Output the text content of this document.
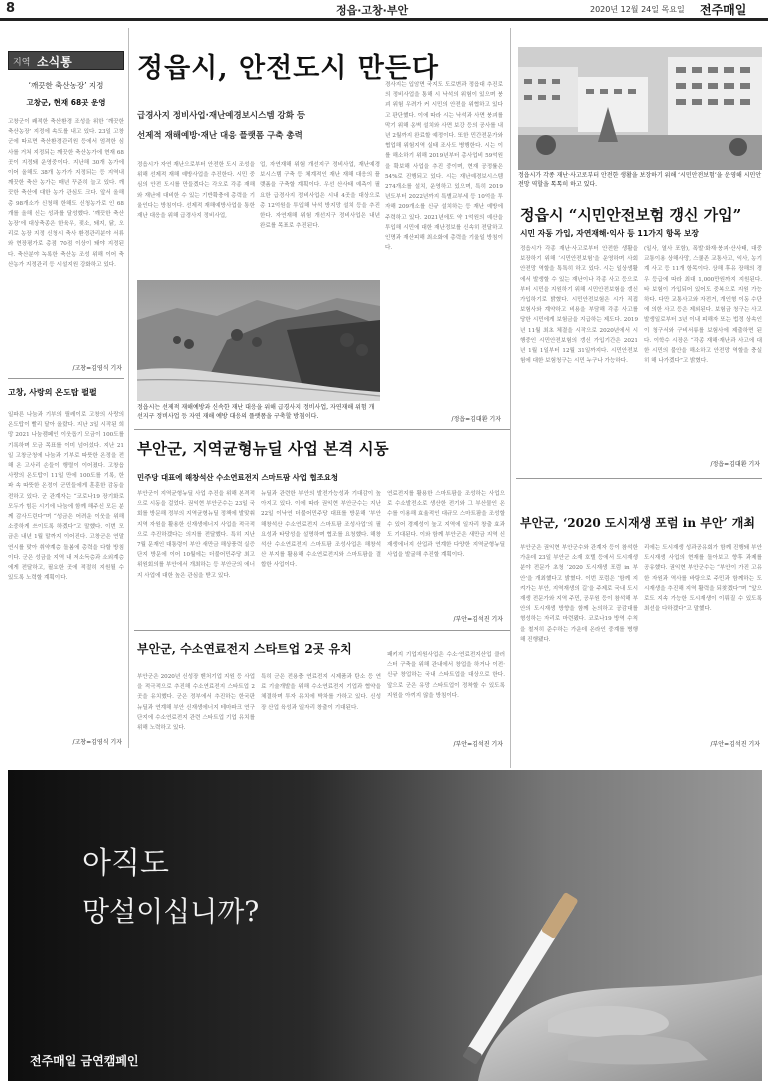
8	정읍·고창·부안	2020년 12월 24일 목요일 전주매일
지역 소식통
‘깨끗한 축산농장’ 지정
고창군, 현재 68곳 운영
고창군이 쾌적한 축산환경 조성을 위한 ‘깨끗한 축산농장’ 지정에 속도를 내고 있다. 23일 고창군에 따르면 축산환경관리원 등에서 엄격한 심사를 거쳐 지정되는 깨끗한 축산농가에 현재 68곳이 지정돼 운영중이다. 지난해 30개 농가에 이어 올해도 38개 농가가 지정되는 등 지역내 깨끗한 축산 농가는 매년 꾸준히 늘고 있다. 깨끗한 축산에 대한 농가 관심도 크다. 앞서 올해 총 98개소가 신청해 한해도 신청농가로 인 68개를 올해 신는 성과를 달성했다. ‘깨끗한 축산농장’에 대상축종은 한육우, 젖소, 돼지, 닭, 오리로 농장 지정 신청시 축사 환경관리분야 서류와 현장평가로 총점 70점 이상이 돼야 지정된다. 축산분야 녹록한 축산농 조성 위해 이어 축산농가 지정관리 등 시설지원 강화하고 있다.
/고창=김영식 기자
고창, 사랑의 온도탑 펄펄
일파른 나눔과 기부의 릴레이로 고창의 사랑의 온도탑이 빨리 달아 올랐다. 지난 3일 시작된 희망 2021 나눔캠페인 이웃돕기 모금이 100도를 기록하며 모금 목표를 이미 넘어섰다. 지난 21일 고창군청에 나눔과 기부로 따뜻한 온정을 전해 온 고사리 손들이 행렬이 이어졌다. 고창읍 사랑의 온도탑이 11일 만에 100도를 기록, 한파 속 따뜻한 온정이 군민들에게 훈훈한 감동을 전하고 있다. 군 관계자는 “코로나19 장기화로 모두가 힘든 시기에 나눔에 함께 해주신 모든 분께 감사드린다”며 “성금은 어려운 이웃을 위해 소중하게 쓰이도록 하겠다”고 말했다. 이번 모금은 내년 1월 말까지 이어진다. 고창군은 연말연시를 맞아 취약계층 돌봄에 총력을 다할 방침이다. 군은 성금을 지역 내 저소득층과 소외계층에게 전달하고, 필요한 곳에 적절히 지원될 수 있도록 노력할 계획이다.
/고창=김영식 기자
정읍시, 안전도시 만든다
급경사지 정비사업·재난예경보시스템 강화 등
선제적 재해예방·재난 대응 플랫폼 구축 총력
정읍시가 자연 재난으로부터 안전한 도시 조성을 위해 선제적 재해 예방사업을 추진한다. 시민 중심의 안전 도시를 만들겠다는 각오로 각종 재해와 재난에 대비한 수 있는 기반확충에 총력을 기울인다는 방침이다. 선제적 재해예방사업을 통한 재난 대응을 위해 급경사지 정비사업,
업, 자연재해 위험 개선지구 정비사업, 재난예경보시스템 구축 등 체계적인 재난 재해 대응의 플랫폼을 구축할 계획이다. 우선 산사태 예측이 필요한 급경사지 정비사업은 시내 4곳을 대상으로 총 12억원을 투입해 낙석 방지망 설치 등을 추진한다. 자연재해 위험 개선지구 정비사업은 내년 완료를 목표로 추진된다.
경사지는 입암면 국지도 도로변과 정읍대 추진로의 정비사업을 통해 시 낙석의 위험이 있으며 붕괴 위험 우려가 커 시민의 안전을 위협하고 있다고 판단했다. 이에 따라 시는 낙석과 사면 붕괴를 막기 위해 옹벽 설치와 사면 보강 등의 공사를 내년 2월까지 완료할 예정이다. 또한 민간전문가와 협업해 위험지역 실태 조사도 병행한다. 시는 이를 해소하기 위해 2019년부터 총사업비 59억원을 확보해 사업을 추진 중이며, 현재 공정률은 54%로 진행되고 있다. 시는 재난예경보시스템 274개소를 설치, 운영하고 있으며, 특히 2019년도부터 2022년까지 특별교부세 등 10억을 투자해 209개소를 신규 설치하는 등 재난 예방에 주력하고 있다. 2021년에도 약 1억원의 예산을 투입해 시민에 대한 재난정보를 신속히 전달하고 인명과 재산피해 최소화에 총력을 기울일 방침이다.
/정읍=김대환 기자
정읍시는 선제적 재해예방과 신속한 재난 대응을 위해 급경사지 정비사업, 자연재해 위험 개선지구 정비사업 등 자연 재해 예방 대응의 플랫폼을 구축할 방침이다.
정읍시가 각종 재난·사고로부터 안전한 생활을 보장하기 위해 ‘시민안전보험’을 운영해 시민안전망 역할을 톡톡히 하고 있다.
정읍시 “시민안전보험 갱신 가입”
시민 자동 가입, 자연재해·익사 등 11가지 항목 보장
정읍시가 각종 재난·사고로부터 안전한 생활을 보장하기 위해 ‘시민안전보험’을 운영하며 사회안전망 역할을 톡톡히 하고 있다. 시는 일상생활에서 발생할 수 있는 재난이나 각종 사고 등으로부터 시민을 지원하기 위해 시민안전보험을 갱신 가입하기로 밝혔다. 시민안전보험은 시가 직접 보험사와 계약하고 비용을 부담해 각종 사고를 당한 시민에게 보험금을 지급하는 제도다. 2019년 11월 최초 체결을 시작으로 2020년에서 시행중인 시민안전보험의 갱신 가입기간은 2021년 1월 1일부터 12월 31일까지다. 시민안전보험에 대한 보험청구는 시민 누구나 가능하다.
(일사, 열사 포함), 폭발·화재·붕괴·산사태, 대중교통이용 상해사망, 스쿨존 교통사고, 익사, 농기계 사고 등 11개 항목이다. 상해 후유 장해의 경우 등급에 따라 최대 1,000만원까지 지원된다. 타 보험이 가입되어 있어도 중복으로 지원 가능하다. 다만 교통사고와 자전거, 개인형 이동 수단에 의한 사고 등은 제외된다. 보험금 청구는 사고 발생일로부터 3년 이내 피해자 또는 법정 상속인이 청구서와 구비서류를 보험사에 제출하면 된다. 이학수 시장은 “각종 재해·재난과 사고에 대한 시민의 불안을 해소하고 안전망 역할을 충실히 해 나가겠다”고 밝혔다.
/정읍=김대환 기자
부안군, 지역균형뉴딜 사업 본격 시동
민주당 대표에 해창석산 수소연료전지 스마트팜 사업 협조요청
부안군이 지역균형뉴딜 사업 추진을 위해 본격적으로 시동을 걸었다. 권익현 부안군수는 23일 국회를 방문해 정부의 지역균형뉴딜 정책에 발맞춰 지역 자원을 활용한 신재생에너지 사업을 적극적으로 추진하겠다는 의지를 전달했다. 특히 지난 7월 문재인 대통령이 부안 새만금 해상풍력 실증단지 방문에 이어 10월에는 더불어민주당 최고위원회의를 부안에서 개최하는 등 부안군의 에너지 사업에 대한 높은 관심을 받고 있다.
뉴딜과 관련한 부안의 발전가능성과 기대감이 높아지고 있다. 이에 따라 권익현 부안군수는 지난 22일 이낙연 더불어민주당 대표를 방문해 ‘부안 해창석산 수소연료전지 스마트팜 조성사업’의 필요성과 타당성을 설명하며 협조를 요청했다. 해창석산 수소연료전지 스마트팜 조성사업은 해창석산 부지를 활용해 수소연료전지와 스마트팜을 결합한 사업이다.
연료전지를 활용한 스마트팜을 조성하는 사업으로 수소발전소로 생산한 전기와 그 부산물인 온수를 이용해 효율적인 대규모 스마트팜을 조성할 수 있어 경제성이 높고 지역에 일자리 창출 효과도 기대된다. 이와 함께 부안군은 새만금 지역 신재생에너지 산업과 연계한 다양한 지역균형뉴딜 사업을 발굴해 추진할 계획이다.
/부안=김석진 기자
부안군, 수소연료전지 스타트업 2곳 유치
부안군은 2020년 신성장 벤처기업 지원 등 사업을 적극적으로 추진해 수소연료전지 스타트업 2곳을 유치했다. 군은 정부에서 추진하는 한국판 뉴딜과 연계해 부안 신재생에너지 테마파크 연구단지에 수소연료전지 관련 스타트업 기업 유치를 위해 노력하고 있다.
특히 군은 전용충 연료전지 시제품과 탄소 등 연료 기술개발을 위해 수소연료전지 기업과 협약을 체결하며 투자 유치에 박차를 가하고 있다. 신성장 산업 육성과 일자리 창출이 기대된다.
패키지 기업지원사업은 수소·연료전지산업 클러스터 구축을 위해 관내에서 창업을 하거나 이전·신규 창업하는 국내 스타트업을 대상으로 한다. 앞으로 군은 유망 스타트업이 정착할 수 있도록 지원을 아끼지 않을 방침이다.
/부안=김석진 기자
부안군, ‘2020 도시재생 포럼 in 부안’ 개최
부안군은 권익현 부안군수와 관계자 등이 참석한 가운데 23일 부안군 소재 호텔 등에서 도시재생 분야 전문가 초청 ‘2020 도시재생 포럼 in 부안’을 개최했다고 밝혔다. 이번 포럼은 ‘함께 지켜가는 부안, 지역재생의 길’을 주제로 국내 도시재생 전문가와 지역 주민, 공무원 등이 참석해 부안의 도시재생 방향을 함께 논의하고 공감대를 형성하는 자리로 마련됐다. 코로나19 방역 수칙을 철저히 준수하는 가운데 온라인 중계를 병행해 진행됐다.
리에는 도시재생 성과공유회가 함께 진행돼 부안 도시재생 사업의 현재를 돌아보고 향후 과제를 공유했다. 권익현 부안군수는 “부안이 가진 고유한 자원과 역사를 바탕으로 주민과 함께하는 도시재생을 추진해 지역 활력을 되찾겠다”며 “앞으로도 지속 가능한 도시재생이 이뤄질 수 있도록 최선을 다하겠다”고 말했다.
/부안=김석진 기자
아직도
망설이십니까?
전주매일 금연캠페인
